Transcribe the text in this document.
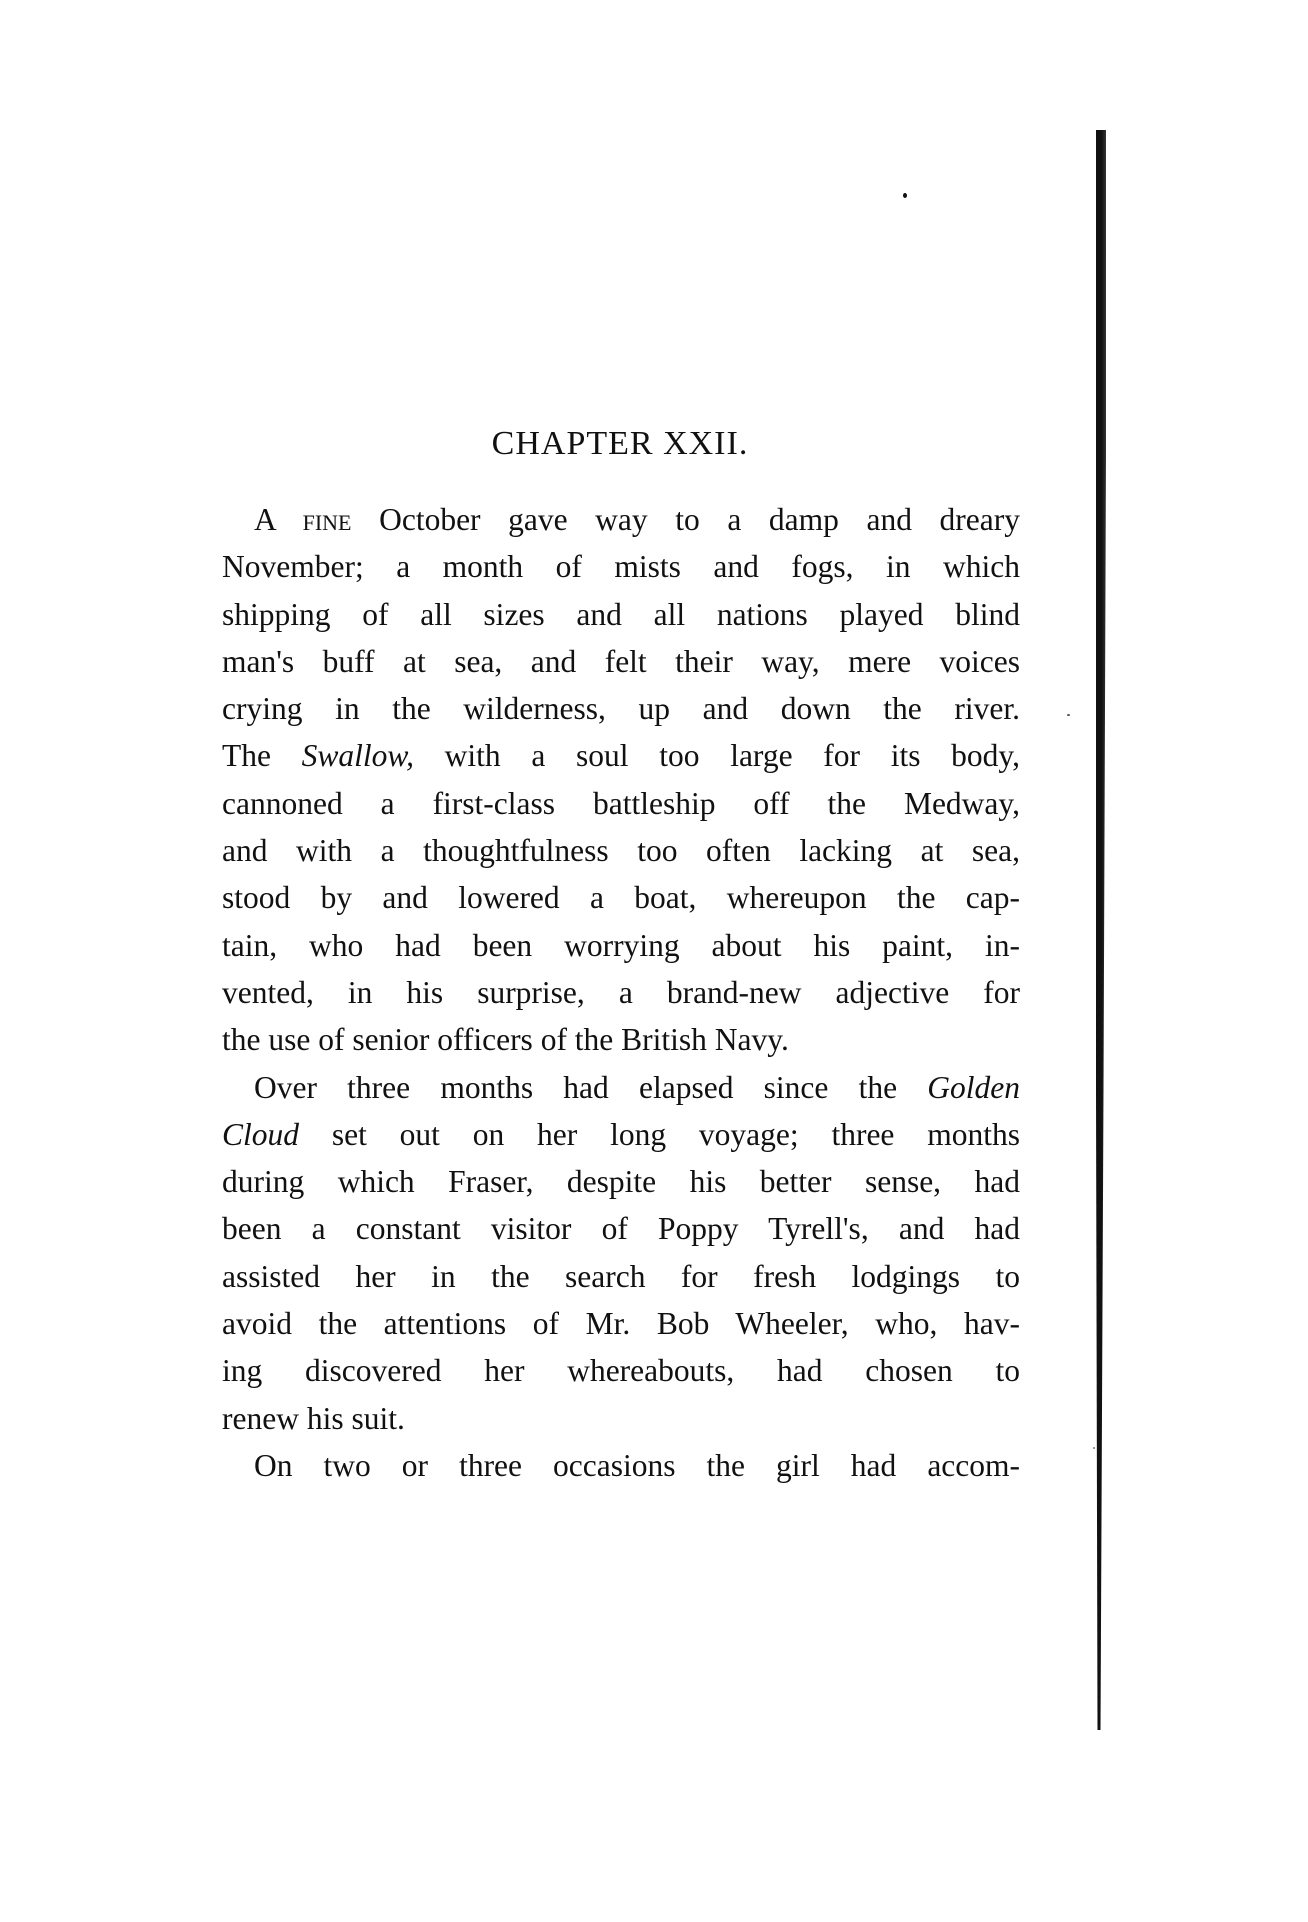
CHAPTER XXII.
A fine October gave way to a damp and dreary
November; a month of mists and fogs, in which
shipping of all sizes and all nations played blind
man's buff at sea, and felt their way, mere voices
crying in the wilderness, up and down the river.
The Swallow, with a soul too large for its body,
cannoned a first-class battleship off the Medway,
and with a thoughtfulness too often lacking at sea,
stood by and lowered a boat, whereupon the cap-
tain, who had been worrying about his paint, in-
vented, in his surprise, a brand-new adjective for
the use of senior officers of the British Navy.
Over three months had elapsed since the Golden
Cloud set out on her long voyage; three months
during which Fraser, despite his better sense, had
been a constant visitor of Poppy Tyrell's, and had
assisted her in the search for fresh lodgings to
avoid the attentions of Mr. Bob Wheeler, who, hav-
ing discovered her whereabouts, had chosen to
renew his suit.
On two or three occasions the girl had accom-
